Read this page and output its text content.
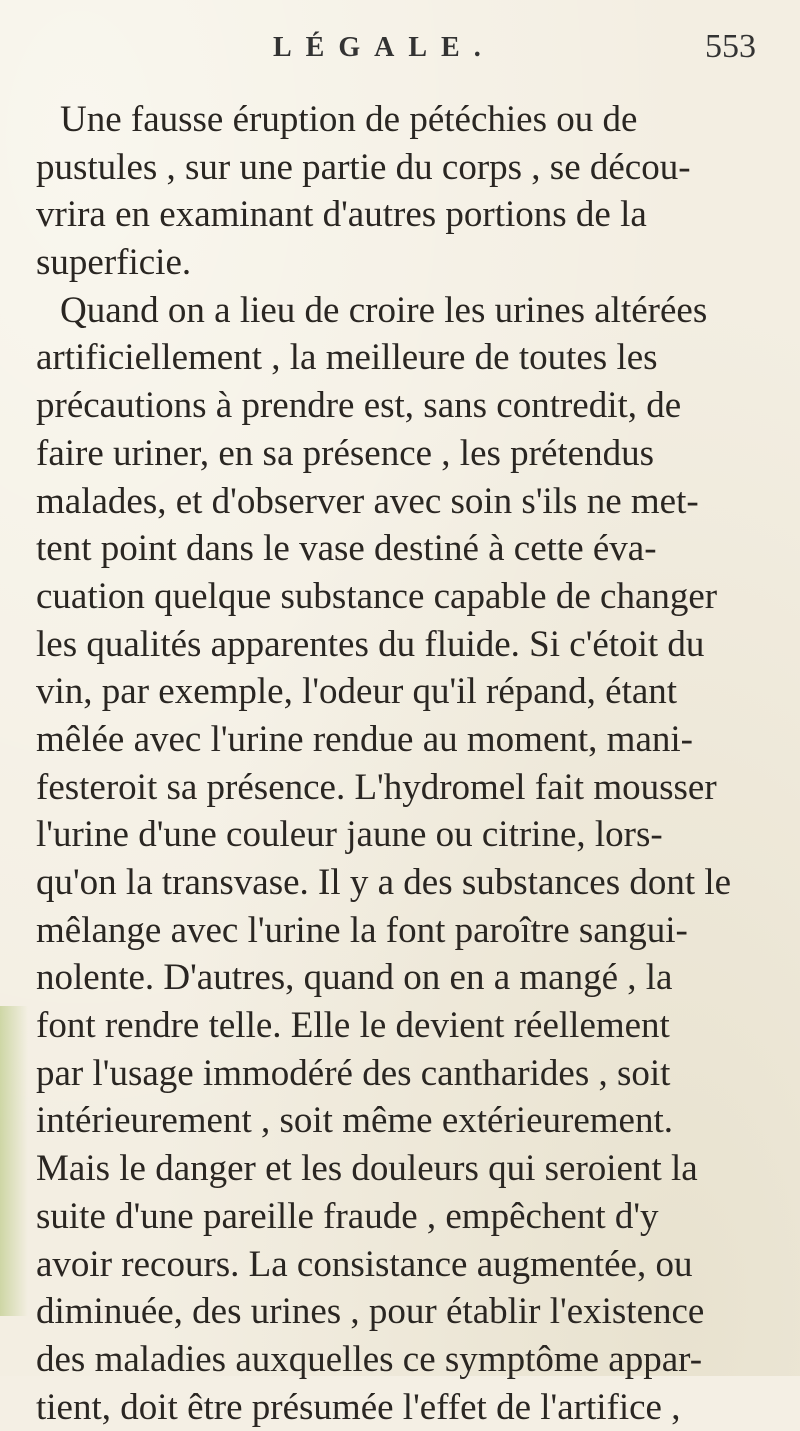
LÉGALE.	553
Une fausse éruption de pétéchies ou de
pustules , sur une partie du corps , se décou-
vrira en examinant d'autres portions de la
superficie.
Quand on a lieu de croire les urines altérées
artificiellement , la meilleure de toutes les
précautions à prendre est, sans contredit, de
faire uriner, en sa présence , les prétendus
malades, et d'observer avec soin s'ils ne met-
tent point dans le vase destiné à cette éva-
cuation quelque substance capable de changer
les qualités apparentes du fluide. Si c'étoit du
vin, par exemple, l'odeur qu'il répand, étant
mêlée avec l'urine rendue au moment, mani-
festeroit sa présence. L'hydromel fait mousser
l'urine d'une couleur jaune ou citrine, lors-
qu'on la transvase. Il y a des substances dont le
mêlange avec l'urine la font paroître sangui-
nolente. D'autres, quand on en a mangé , la
font rendre telle. Elle le devient réellement
par l'usage immodéré des cantharides , soit
intérieurement , soit même extérieurement.
Mais le danger et les douleurs qui seroient la
suite d'une pareille fraude , empêchent d'y
avoir recours. La consistance augmentée, ou
diminuée, des urines , pour établir l'existence
des maladies auxquelles ce symptôme appar-
tient, doit être présumée l'effet de l'artifice ,
